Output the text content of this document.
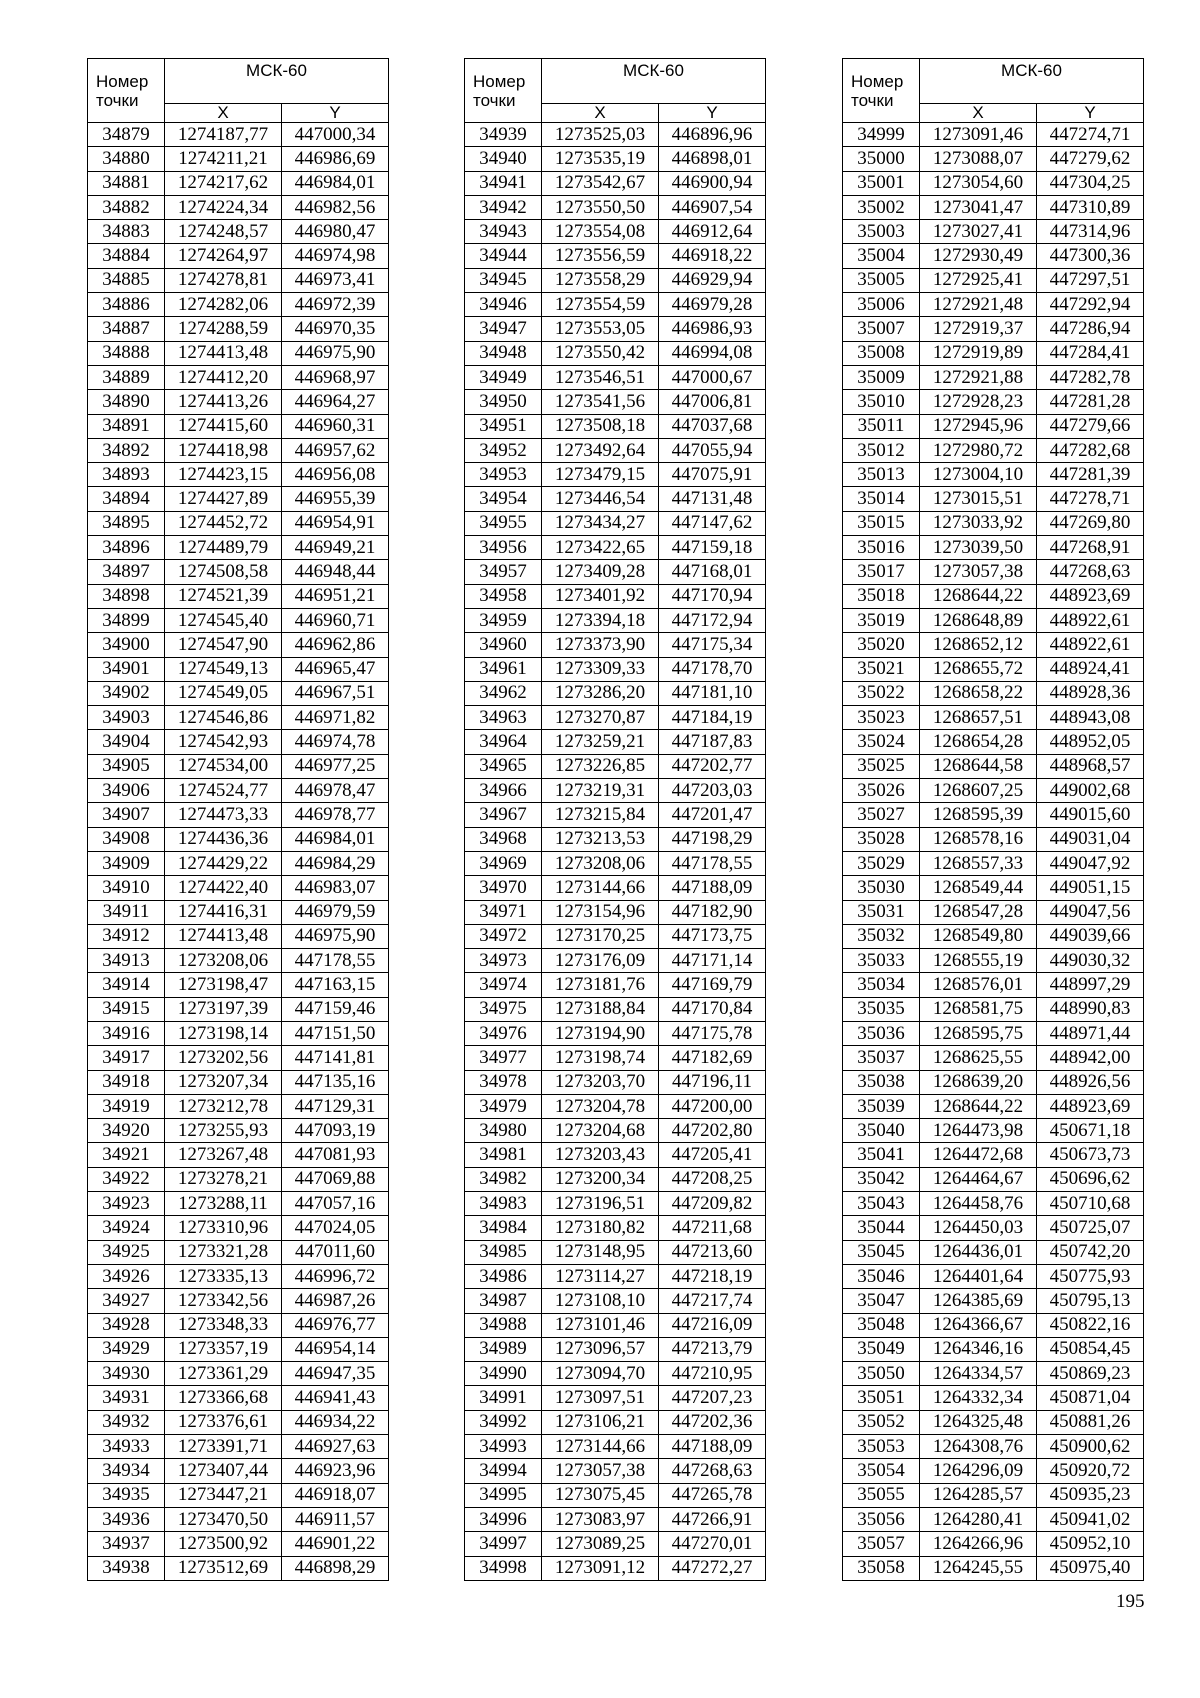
Номер точки	МСК-60	
	X	Y
34879	1274187,77	447000,34
34880	1274211,21	446986,69
34881	1274217,62	446984,01
34882	1274224,34	446982,56
34883	1274248,57	446980,47
34884	1274264,97	446974,98
34885	1274278,81	446973,41
34886	1274282,06	446972,39
34887	1274288,59	446970,35
34888	1274413,48	446975,90
34889	1274412,20	446968,97
34890	1274413,26	446964,27
34891	1274415,60	446960,31
34892	1274418,98	446957,62
34893	1274423,15	446956,08
34894	1274427,89	446955,39
34895	1274452,72	446954,91
34896	1274489,79	446949,21
34897	1274508,58	446948,44
34898	1274521,39	446951,21
34899	1274545,40	446960,71
34900	1274547,90	446962,86
34901	1274549,13	446965,47
34902	1274549,05	446967,51
34903	1274546,86	446971,82
34904	1274542,93	446974,78
34905	1274534,00	446977,25
34906	1274524,77	446978,47
34907	1274473,33	446978,77
34908	1274436,36	446984,01
34909	1274429,22	446984,29
34910	1274422,40	446983,07
34911	1274416,31	446979,59
34912	1274413,48	446975,90
34913	1273208,06	447178,55
34914	1273198,47	447163,15
34915	1273197,39	447159,46
34916	1273198,14	447151,50
34917	1273202,56	447141,81
34918	1273207,34	447135,16
34919	1273212,78	447129,31
34920	1273255,93	447093,19
34921	1273267,48	447081,93
34922	1273278,21	447069,88
34923	1273288,11	447057,16
34924	1273310,96	447024,05
34925	1273321,28	447011,60
34926	1273335,13	446996,72
34927	1273342,56	446987,26
34928	1273348,33	446976,77
34929	1273357,19	446954,14
34930	1273361,29	446947,35
34931	1273366,68	446941,43
34932	1273376,61	446934,22
34933	1273391,71	446927,63
34934	1273407,44	446923,96
34935	1273447,21	446918,07
34936	1273470,50	446911,57
34937	1273500,92	446901,22
34938	1273512,69	446898,29
Номер точки	МСК-60	
	X	Y
34939	1273525,03	446896,96
34940	1273535,19	446898,01
34941	1273542,67	446900,94
34942	1273550,50	446907,54
34943	1273554,08	446912,64
34944	1273556,59	446918,22
34945	1273558,29	446929,94
34946	1273554,59	446979,28
34947	1273553,05	446986,93
34948	1273550,42	446994,08
34949	1273546,51	447000,67
34950	1273541,56	447006,81
34951	1273508,18	447037,68
34952	1273492,64	447055,94
34953	1273479,15	447075,91
34954	1273446,54	447131,48
34955	1273434,27	447147,62
34956	1273422,65	447159,18
34957	1273409,28	447168,01
34958	1273401,92	447170,94
34959	1273394,18	447172,94
34960	1273373,90	447175,34
34961	1273309,33	447178,70
34962	1273286,20	447181,10
34963	1273270,87	447184,19
34964	1273259,21	447187,83
34965	1273226,85	447202,77
34966	1273219,31	447203,03
34967	1273215,84	447201,47
34968	1273213,53	447198,29
34969	1273208,06	447178,55
34970	1273144,66	447188,09
34971	1273154,96	447182,90
34972	1273170,25	447173,75
34973	1273176,09	447171,14
34974	1273181,76	447169,79
34975	1273188,84	447170,84
34976	1273194,90	447175,78
34977	1273198,74	447182,69
34978	1273203,70	447196,11
34979	1273204,78	447200,00
34980	1273204,68	447202,80
34981	1273203,43	447205,41
34982	1273200,34	447208,25
34983	1273196,51	447209,82
34984	1273180,82	447211,68
34985	1273148,95	447213,60
34986	1273114,27	447218,19
34987	1273108,10	447217,74
34988	1273101,46	447216,09
34989	1273096,57	447213,79
34990	1273094,70	447210,95
34991	1273097,51	447207,23
34992	1273106,21	447202,36
34993	1273144,66	447188,09
34994	1273057,38	447268,63
34995	1273075,45	447265,78
34996	1273083,97	447266,91
34997	1273089,25	447270,01
34998	1273091,12	447272,27
Номер точки	МСК-60	
	X	Y
34999	1273091,46	447274,71
35000	1273088,07	447279,62
35001	1273054,60	447304,25
35002	1273041,47	447310,89
35003	1273027,41	447314,96
35004	1272930,49	447300,36
35005	1272925,41	447297,51
35006	1272921,48	447292,94
35007	1272919,37	447286,94
35008	1272919,89	447284,41
35009	1272921,88	447282,78
35010	1272928,23	447281,28
35011	1272945,96	447279,66
35012	1272980,72	447282,68
35013	1273004,10	447281,39
35014	1273015,51	447278,71
35015	1273033,92	447269,80
35016	1273039,50	447268,91
35017	1273057,38	447268,63
35018	1268644,22	448923,69
35019	1268648,89	448922,61
35020	1268652,12	448922,61
35021	1268655,72	448924,41
35022	1268658,22	448928,36
35023	1268657,51	448943,08
35024	1268654,28	448952,05
35025	1268644,58	448968,57
35026	1268607,25	449002,68
35027	1268595,39	449015,60
35028	1268578,16	449031,04
35029	1268557,33	449047,92
35030	1268549,44	449051,15
35031	1268547,28	449047,56
35032	1268549,80	449039,66
35033	1268555,19	449030,32
35034	1268576,01	448997,29
35035	1268581,75	448990,83
35036	1268595,75	448971,44
35037	1268625,55	448942,00
35038	1268639,20	448926,56
35039	1268644,22	448923,69
35040	1264473,98	450671,18
35041	1264472,68	450673,73
35042	1264464,67	450696,62
35043	1264458,76	450710,68
35044	1264450,03	450725,07
35045	1264436,01	450742,20
35046	1264401,64	450775,93
35047	1264385,69	450795,13
35048	1264366,67	450822,16
35049	1264346,16	450854,45
35050	1264334,57	450869,23
35051	1264332,34	450871,04
35052	1264325,48	450881,26
35053	1264308,76	450900,62
35054	1264296,09	450920,72
35055	1264285,57	450935,23
35056	1264280,41	450941,02
35057	1264266,96	450952,10
35058	1264245,55	450975,40
195
